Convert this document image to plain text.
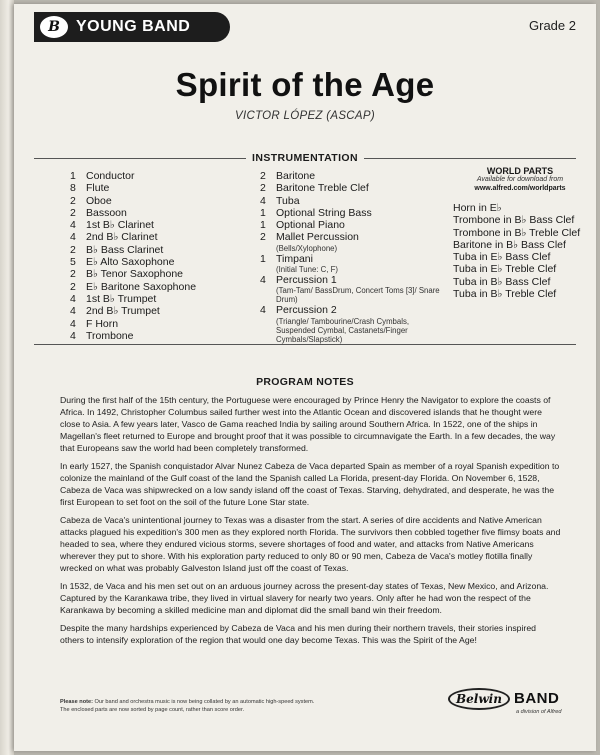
B	YOUNG BAND	Grade 2
Spirit of the Age
VICTOR LÓPEZ (ASCAP)
INSTRUMENTATION
1 Conductor
8 Flute
2 Oboe
2 Bassoon
4 1st B♭ Clarinet
4 2nd B♭ Clarinet
2 B♭ Bass Clarinet
5 E♭ Alto Saxophone
2 B♭ Tenor Saxophone
2 E♭ Baritone Saxophone
4 1st B♭ Trumpet
4 2nd B♭ Trumpet
4 F Horn
4 Trombone
2 Baritone
2 Baritone Treble Clef
4 Tuba
1 Optional String Bass
1 Optional Piano
2 Mallet Percussion
(Bells/Xylophone)
1 Timpani
(Initial Tune: C, F)
4 Percussion 1
(Tam-Tam/ BassDrum, Concert Toms [3]/ Snare Drum)
4 Percussion 2
(Triangle/ Tambourine/Crash Cymbals, Suspended Cymbal, Castanets/Finger Cymbals/Slapstick)
WORLD PARTS
Available for download from
www.alfred.com/worldparts
Horn in E♭
Trombone in B♭ Bass Clef
Trombone in B♭ Treble Clef
Baritone in B♭ Bass Clef
Tuba in E♭ Bass Clef
Tuba in E♭ Treble Clef
Tuba in B♭ Bass Clef
Tuba in B♭ Treble Clef
PROGRAM NOTES

During the first half of the 15th century, the Portuguese were encouraged by Prince Henry the Navigator to explore the coasts of Africa. In 1492, Christopher Columbus sailed further west into the Atlantic Ocean and discovered islands that he thought were close to Asia. A few years later, Vasco de Gama reached India by sailing around Southern Africa. In 1522, one of the ships in Magellan's fleet returned to Europe and brought proof that it was possible to circumnavigate the Earth. In a few decades, the way that Europeans saw the world had been completely transformed.

In early 1527, the Spanish conquistador Alvar Nunez Cabeza de Vaca departed Spain as member of a royal Spanish expedition to colonize the mainland of the Gulf coast of the land the Spanish called La Florida, present-day Florida. On November 6, 1528, Cabeza de Vaca was shipwrecked on a low sandy island off the coast of Texas. Starving, dehydrated, and desperate, he was the first European to set foot on the soil of the future Lone Star state.

Cabeza de Vaca's unintentional journey to Texas was a disaster from the start. A series of dire accidents and Native American attacks plagued his expedition's 300 men as they explored north Florida. The survivors then cobbled together five flimsy boats and headed to sea, where they endured vicious storms, severe shortages of food and water, and attacks from Native Americans wherever they put to shore. With his exploration party reduced to only 80 or 90 men, Cabeza de Vaca's motley flotilla finally wrecked on what was probably Galveston Island just off the coast of Texas.

In 1532, de Vaca and his men set out on an arduous journey across the present-day states of Texas, New Mexico, and Arizona. Captured by the Karankawa tribe, they lived in virtual slavery for nearly two years. Only after he had won the respect of the Karankawa by becoming a skilled medicine man and diplomat did the small band win their freedom.

Despite the many hardships experienced by Cabeza de Vaca and his men during their northern travels, their stories inspired others to intensify exploration of the region that would one day become Texas. This was the Spirit of the Age!

Please note: Our band and orchestra music is now being collated by an automatic high-speed system.
The enclosed parts are now sorted by page count, rather than score order.
Belwin BAND
a division of Alfred
